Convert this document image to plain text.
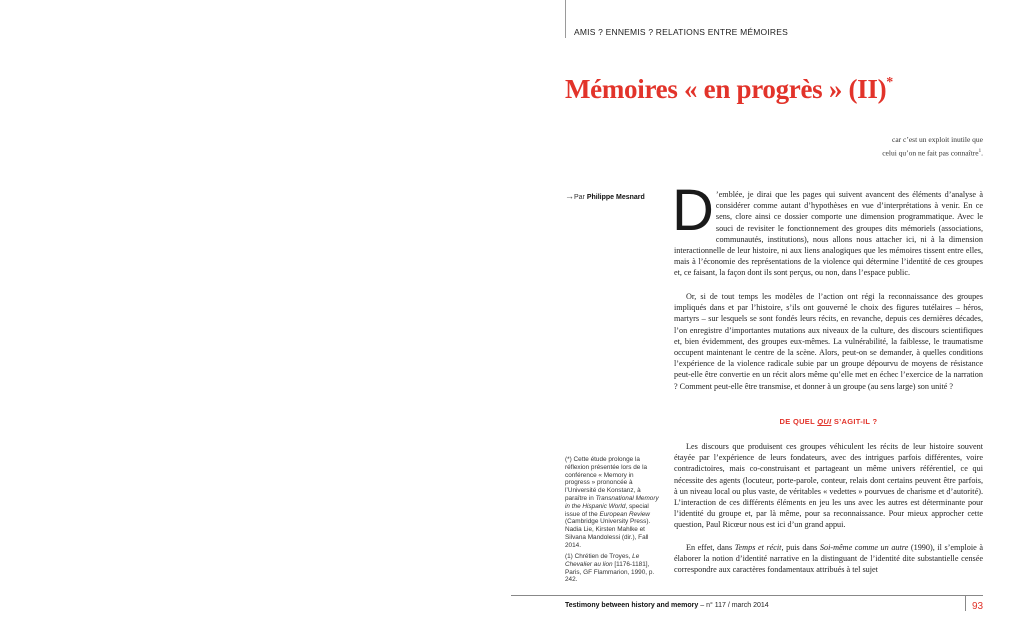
AMIS ? ENNEMIS ? RELATIONS ENTRE MÉMOIRES
Mémoires « en progrès » (II)*
car c’est un exploit inutile que
celui qu’on ne fait pas connaître$^1$.
→Par Philippe Mesnard D ’emblée, je dirai que les pages qui suivent avancent des éléments d’analyse à considérer comme autant d’hypothèses en vue d’interprétations à venir. En ce sens, clore ainsi ce dossier comporte une dimension programmatique. Avec le souci de revisiter le fonctionnement des groupes dits mémoriels (associations, communautés, institutions), nous allons nous attacher ici, ni à la dimension interactionnelle de leur histoire, ni aux liens analogiques que les mémoires tissent entre elles, mais à l’économie des représentations de la violence qui détermine l’identité de ces groupes et, ce faisant, la façon dont ils sont perçus, ou non, dans l’espace public.
Or, si de tout temps les modèles de l’action ont régi la reconnaissance des groupes impliqués dans et par l’histoire, s’ils ont gouverné le choix des figures tutélaires – héros, martyrs – sur lesquels se sont fondés leurs récits, en revanche, depuis ces dernières décades, l’on enregistre d’importantes mutations aux niveaux de la culture, des discours scientifiques et, bien évidemment, des groupes eux-mêmes. La vulnérabilité, la faiblesse, le traumatisme occupent maintenant le centre de la scène. Alors, peut-on se demander, à quelles conditions l’expérience de la violence radicale subie par un groupe dépourvu de moyens de résistance peut-elle être convertie en un récit alors même qu’elle met en échec l’exercice de la narration ? Comment peut-elle être transmise, et donner à un groupe (au sens large) son unité ?
DE QUEL QUI S’AGIT-IL ?
Les discours que produisent ces groupes véhiculent les récits de leur histoire souvent étayée par l’expérience de leurs fondateurs, avec des intrigues parfois différentes, voire contradictoires, mais co-construisant et partageant un même univers référentiel, ce qui nécessite des agents (locuteur, porte-parole, conteur, relais dont certains peuvent être parfois, à un niveau local ou plus vaste, de véritables « vedettes » pourvues de charisme et d’autorité). L’interaction de ces différents éléments en jeu les uns avec les autres est déterminante pour l’identité du groupe et, par là même, pour sa reconnaissance. Pour mieux approcher cette question, Paul Ricœur nous est ici d’un grand appui.
En effet, dans Temps et récit, puis dans Soi-même comme un autre (1990), il s’emploie à élaborer la notion d’identité narrative en la distinguant de l’identité dite substantielle censée correspondre aux caractères fondamentaux attribués à tel sujet
(*) Cette étude prolonge la réflexion présentée lors de la conférence « Memory in progress » prononcée à l’Université de Konstanz, à paraître in Transnational Memory in the Hispanic World, special issue of the European Review (Cambridge University Press). Nadia Lie, Kirsten Mahlke et Silvana Mandolessi (dir.), Fall 2014.
(1) Chrétien de Troyes, Le Chevalier au lion [1176-1181], Paris, GF Flammarion, 1990, p. 242.
Testimony between history and memory – n° 117 / march 2014	93
